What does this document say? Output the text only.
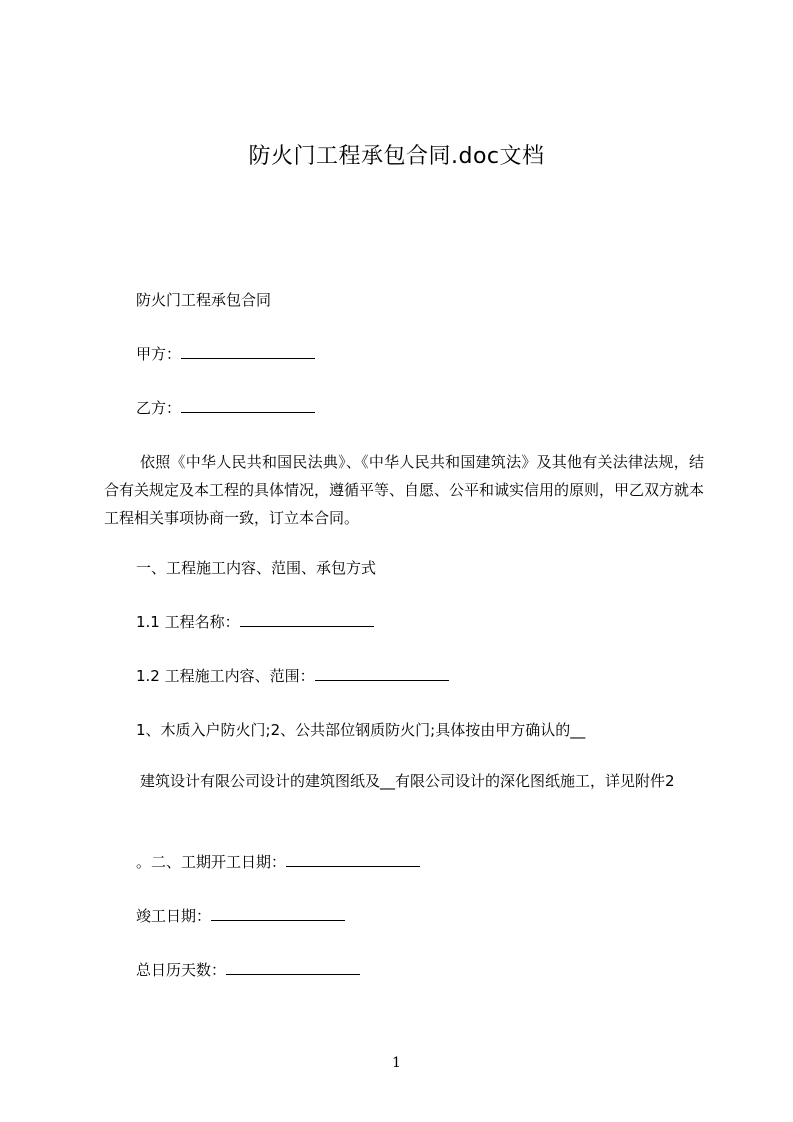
防火门工程承包合同.doc文档
防火门工程承包合同
甲方：
乙方：
依照《中华人民共和国民法典》、《中华人民共和国建筑法》及其他有关法律法规，结合有关规定及本工程的具体情况，遵循平等、自愿、公平和诚实信用的原则，甲乙双方就本工程相关事项协商一致，订立本合同。
一、工程施工内容、范围、承包方式
1.1 工程名称：
1.2 工程施工内容、范围：
1、木质入户防火门;2、公共部位钢质防火门;具体按由甲方确认的__
建筑设计有限公司设计的建筑图纸及__有限公司设计的深化图纸施工，详见附件2
。二、工期开工日期：
竣工日期：
总日历天数：
1
